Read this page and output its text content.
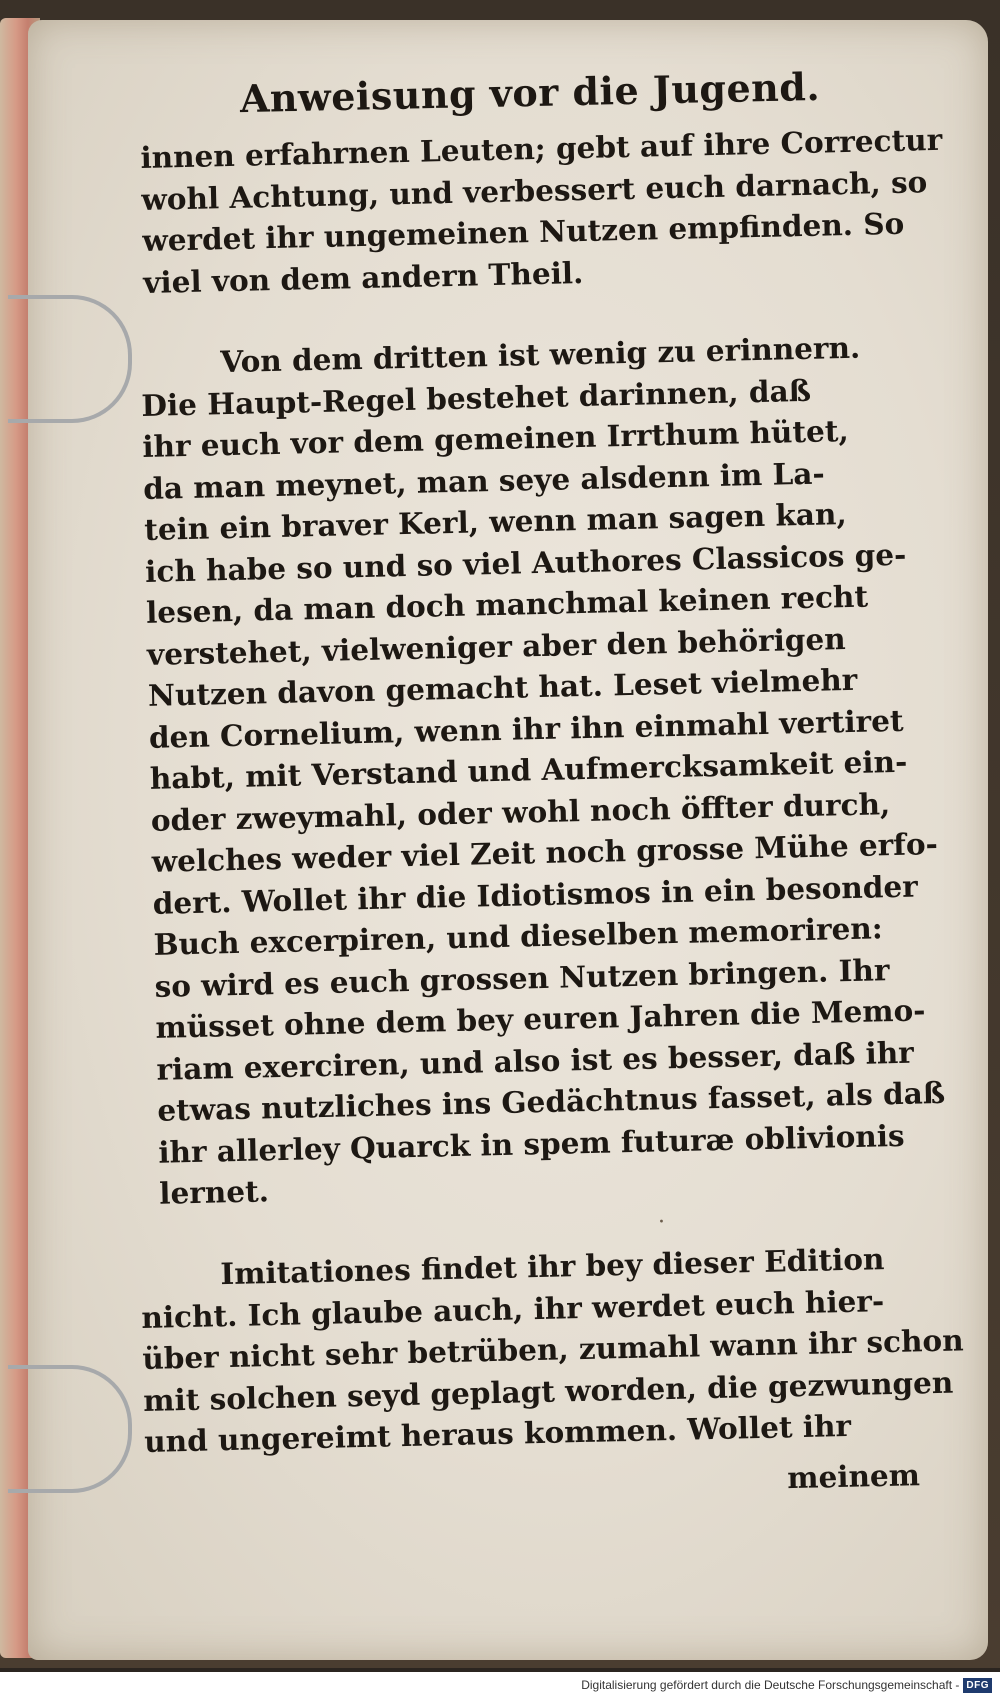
·
Anweisung vor die Jugend.

innen erfahrnen Leuten; gebt auf ihre Correctur
wohl Achtung, und verbessert euch darnach, so
werdet ihr ungemeinen Nutzen empfinden. So
viel von dem andern Theil.

Von dem dritten ist wenig zu erinnern.
Die Haupt-Regel bestehet darinnen, daß
ihr euch vor dem gemeinen Irrthum hütet,
da man meynet, man seye alsdenn im La-
tein ein braver Kerl, wenn man sagen kan,
ich habe so und so viel Authores Classicos ge-
lesen, da man doch manchmal keinen recht
verstehet, vielweniger aber den behörigen
Nutzen davon gemacht hat. Leset vielmehr
den Cornelium, wenn ihr ihn einmahl vertiret
habt, mit Verstand und Aufmercksamkeit ein-
oder zweymahl, oder wohl noch öffter durch,
welches weder viel Zeit noch grosse Mühe erfo-
dert. Wollet ihr die Idiotismos in ein besonder
Buch excerpiren, und dieselben memoriren:
so wird es euch grossen Nutzen bringen. Ihr
müsset ohne dem bey euren Jahren die Memo-
riam exerciren, und also ist es besser, daß ihr
etwas nutzliches ins Gedächtnus fasset, als daß
ihr allerley Quarck in spem futuræ oblivionis
lernet.

Imitationes findet ihr bey dieser Edition
nicht. Ich glaube auch, ihr werdet euch hier-
über nicht sehr betrüben, zumahl wann ihr schon
mit solchen seyd geplagt worden, die gezwungen
und ungereimt heraus kommen. Wollet ihr

meinem
Digitalisierung gefördert durch die Deutsche Forschungsgemeinschaft - DFG
